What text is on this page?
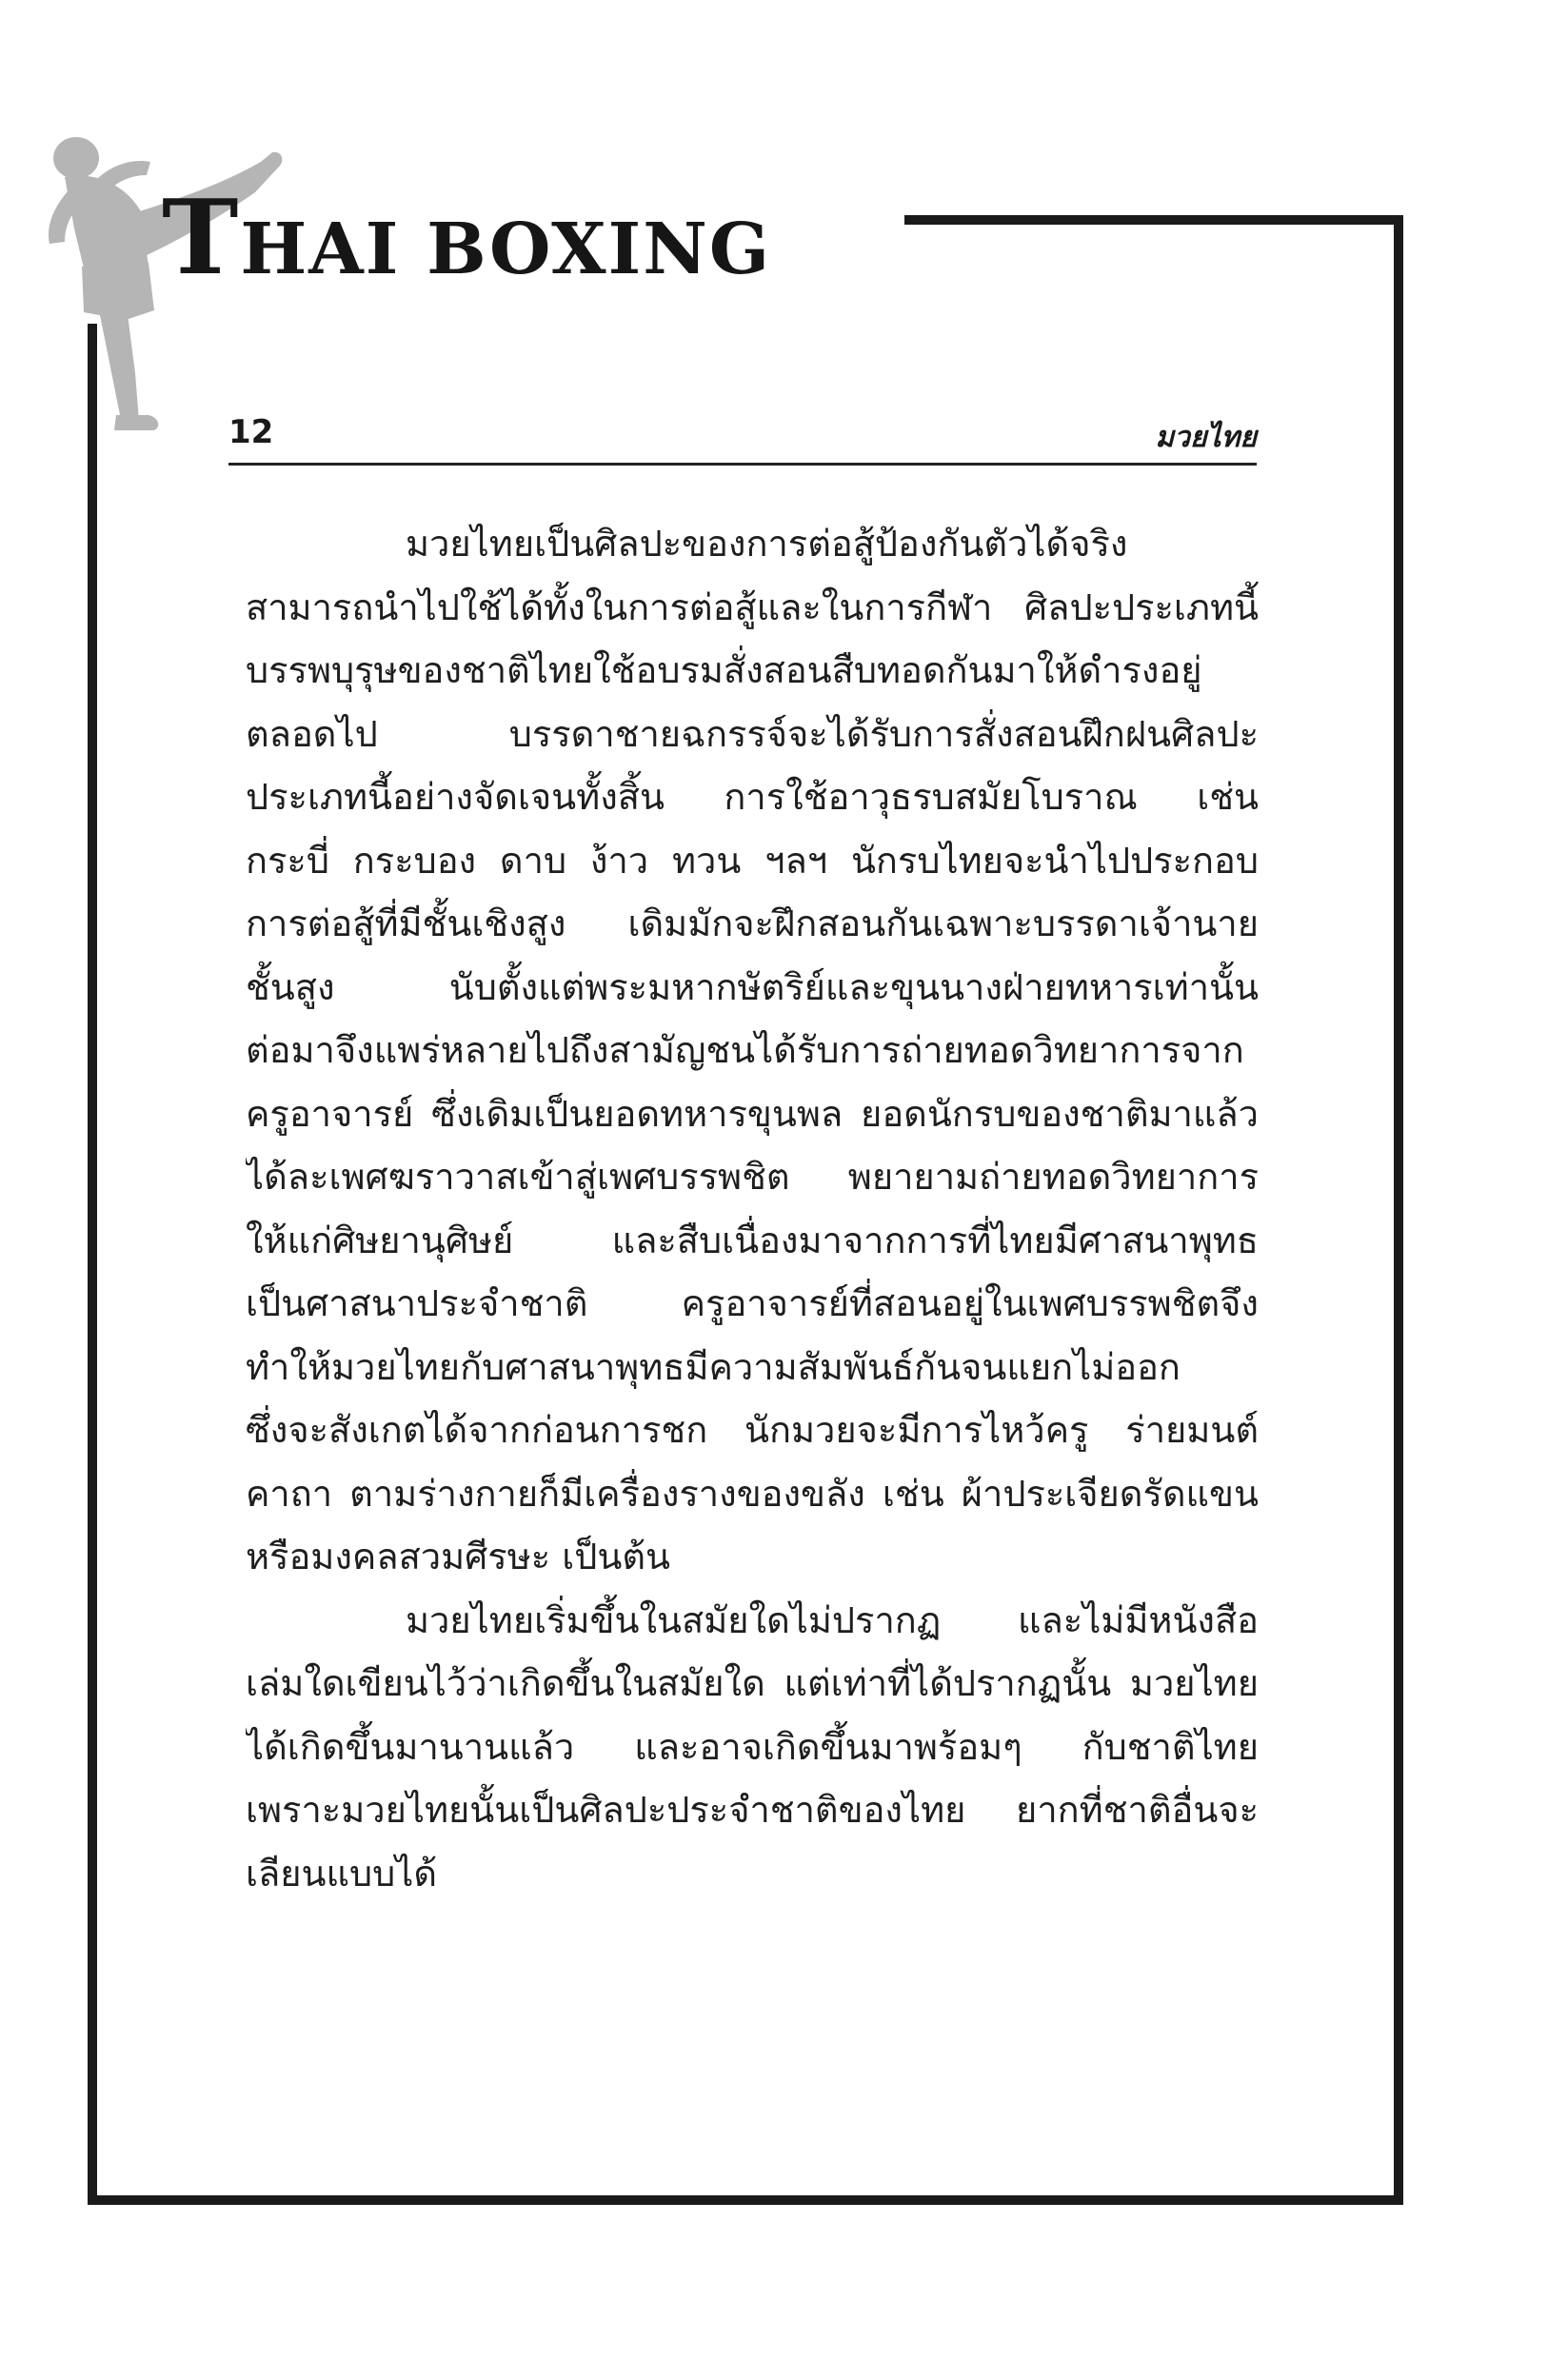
THAI BOXING
12	มวยไทย
มวยไทยเป็นศิลปะของการต่อสู้ป้องกันตัวได้จริง
สามารถนำไปใช้ได้ทั้งในการต่อสู้และในการกีฬา ศิลปะประเภทนี้
บรรพบุรุษของชาติไทยใช้อบรมสั่งสอนสืบทอดกันมาให้ดำรงอยู่
ตลอดไป บรรดาชายฉกรรจ์จะได้รับการสั่งสอนฝึกฝนศิลปะ
ประเภทนี้อย่างจัดเจนทั้งสิ้น การใช้อาวุธรบสมัยโบราณ เช่น
กระบี่ กระบอง ดาบ ง้าว ทวน ฯลฯ นักรบไทยจะนำไปประกอบ
การต่อสู้ที่มีชั้นเชิงสูง เดิมมักจะฝึกสอนกันเฉพาะบรรดาเจ้านาย
ชั้นสูง นับตั้งแต่พระมหากษัตริย์และขุนนางฝ่ายทหารเท่านั้น
ต่อมาจึงแพร่หลายไปถึงสามัญชนได้รับการถ่ายทอดวิทยาการจาก
ครูอาจารย์ ซึ่งเดิมเป็นยอดทหารขุนพล ยอดนักรบของชาติมาแล้ว
ได้ละเพศฆราวาสเข้าสู่เพศบรรพชิต พยายามถ่ายทอดวิทยาการ
ให้แก่ศิษยานุศิษย์ และสืบเนื่องมาจากการที่ไทยมีศาสนาพุทธ
เป็นศาสนาประจำชาติ ครูอาจารย์ที่สอนอยู่ในเพศบรรพชิตจึง
ทำให้มวยไทยกับศาสนาพุทธมีความสัมพันธ์กันจนแยกไม่ออก
ซึ่งจะสังเกตได้จากก่อนการชก นักมวยจะมีการไหว้ครู ร่ายมนต์
คาถา ตามร่างกายก็มีเครื่องรางของขลัง เช่น ผ้าประเจียดรัดแขน
หรือมงคลสวมศีรษะ เป็นต้น
มวยไทยเริ่มขึ้นในสมัยใดไม่ปรากฏ และไม่มีหนังสือ
เล่มใดเขียนไว้ว่าเกิดขึ้นในสมัยใด แต่เท่าที่ได้ปรากฏนั้น มวยไทย
ได้เกิดขึ้นมานานแล้ว และอาจเกิดขึ้นมาพร้อมๆ กับชาติไทย
เพราะมวยไทยนั้นเป็นศิลปะประจำชาติของไทย ยากที่ชาติอื่นจะ
เลียนแบบได้
